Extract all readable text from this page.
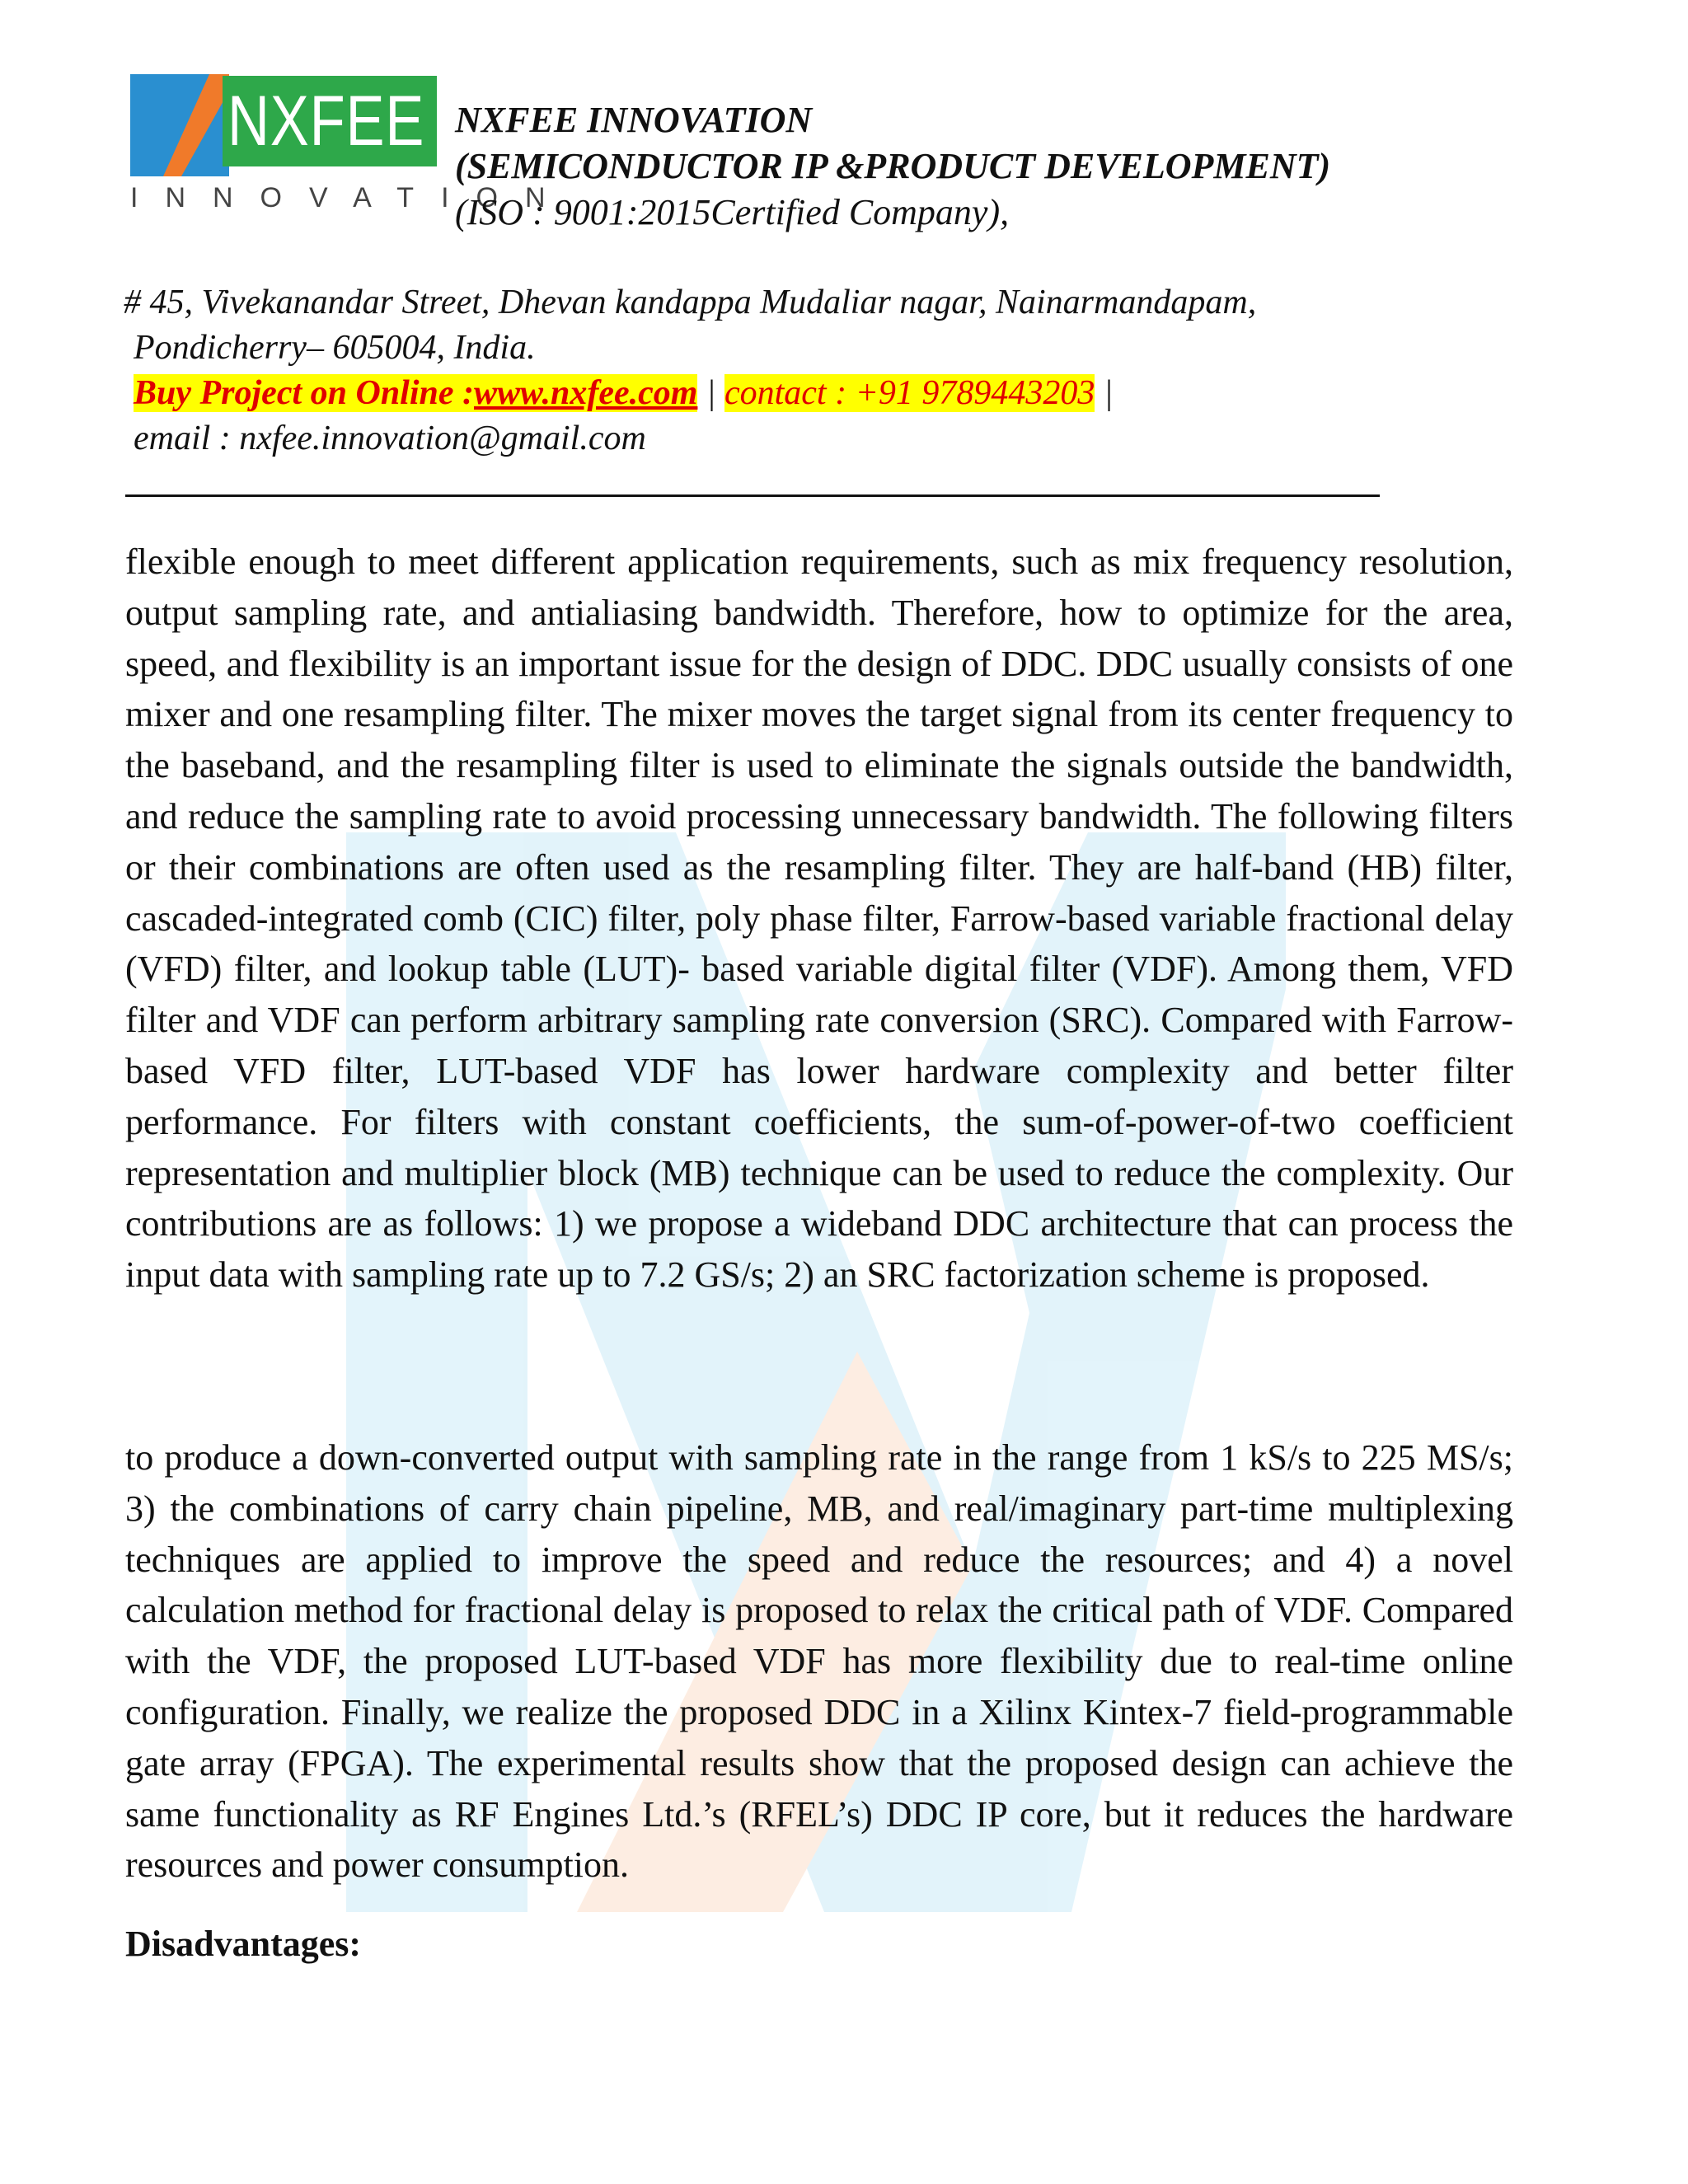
NXFEE
INNOVATION
NXFEE INNOVATION
(SEMICONDUCTOR IP &PRODUCT DEVELOPMENT)
(ISO : 9001:2015Certified Company),
# 45, Vivekanandar Street, Dhevan kandappa Mudaliar nagar, Nainarmandapam,
Pondicherry– 605004, India.
Buy Project on Online :www.nxfee.com | contact : +91 9789443203 |
email : nxfee.innovation@gmail.com
flexible enough to meet different application requirements, such as mix frequency resolution, output sampling rate, and antialiasing bandwidth. Therefore, how to optimize for the area, speed, and flexibility is an important issue for the design of DDC. DDC usually consists of one mixer and one resampling filter. The mixer moves the target signal from its center frequency to the baseband, and the resampling filter is used to eliminate the signals outside the bandwidth, and reduce the sampling rate to avoid processing unnecessary bandwidth. The following filters or their combinations are often used as the resampling filter. They are half-band (HB) filter, cascaded-integrated comb (CIC) filter, poly phase filter, Farrow-based variable fractional delay (VFD) filter, and lookup table (LUT)- based variable digital filter (VDF). Among them, VFD filter and VDF can perform arbitrary sampling rate conversion (SRC). Compared with Farrow-based VFD filter, LUT-based VDF has lower hardware complexity and better filter performance. For filters with constant coefficients, the sum-of-power-of-two coefficient representation and multiplier block (MB) technique can be used to reduce the complexity. Our contributions are as follows: 1) we propose a wideband DDC architecture that can process the input data with sampling rate up to 7.2 GS/s; 2) an SRC factorization scheme is proposed.
to produce a down-converted output with sampling rate in the range from 1 kS/s to 225 MS/s; 3) the combinations of carry chain pipeline, MB, and real/imaginary part-time multiplexing techniques are applied to improve the speed and reduce the resources; and 4) a novel calculation method for fractional delay is proposed to relax the critical path of VDF. Compared with the VDF, the proposed LUT-based VDF has more flexibility due to real-time online configuration. Finally, we realize the proposed DDC in a Xilinx Kintex-7 field-programmable gate array (FPGA). The experimental results show that the proposed design can achieve the same functionality as RF Engines Ltd.’s (RFEL’s) DDC IP core, but it reduces the hardware resources and power consumption.
Disadvantages:
